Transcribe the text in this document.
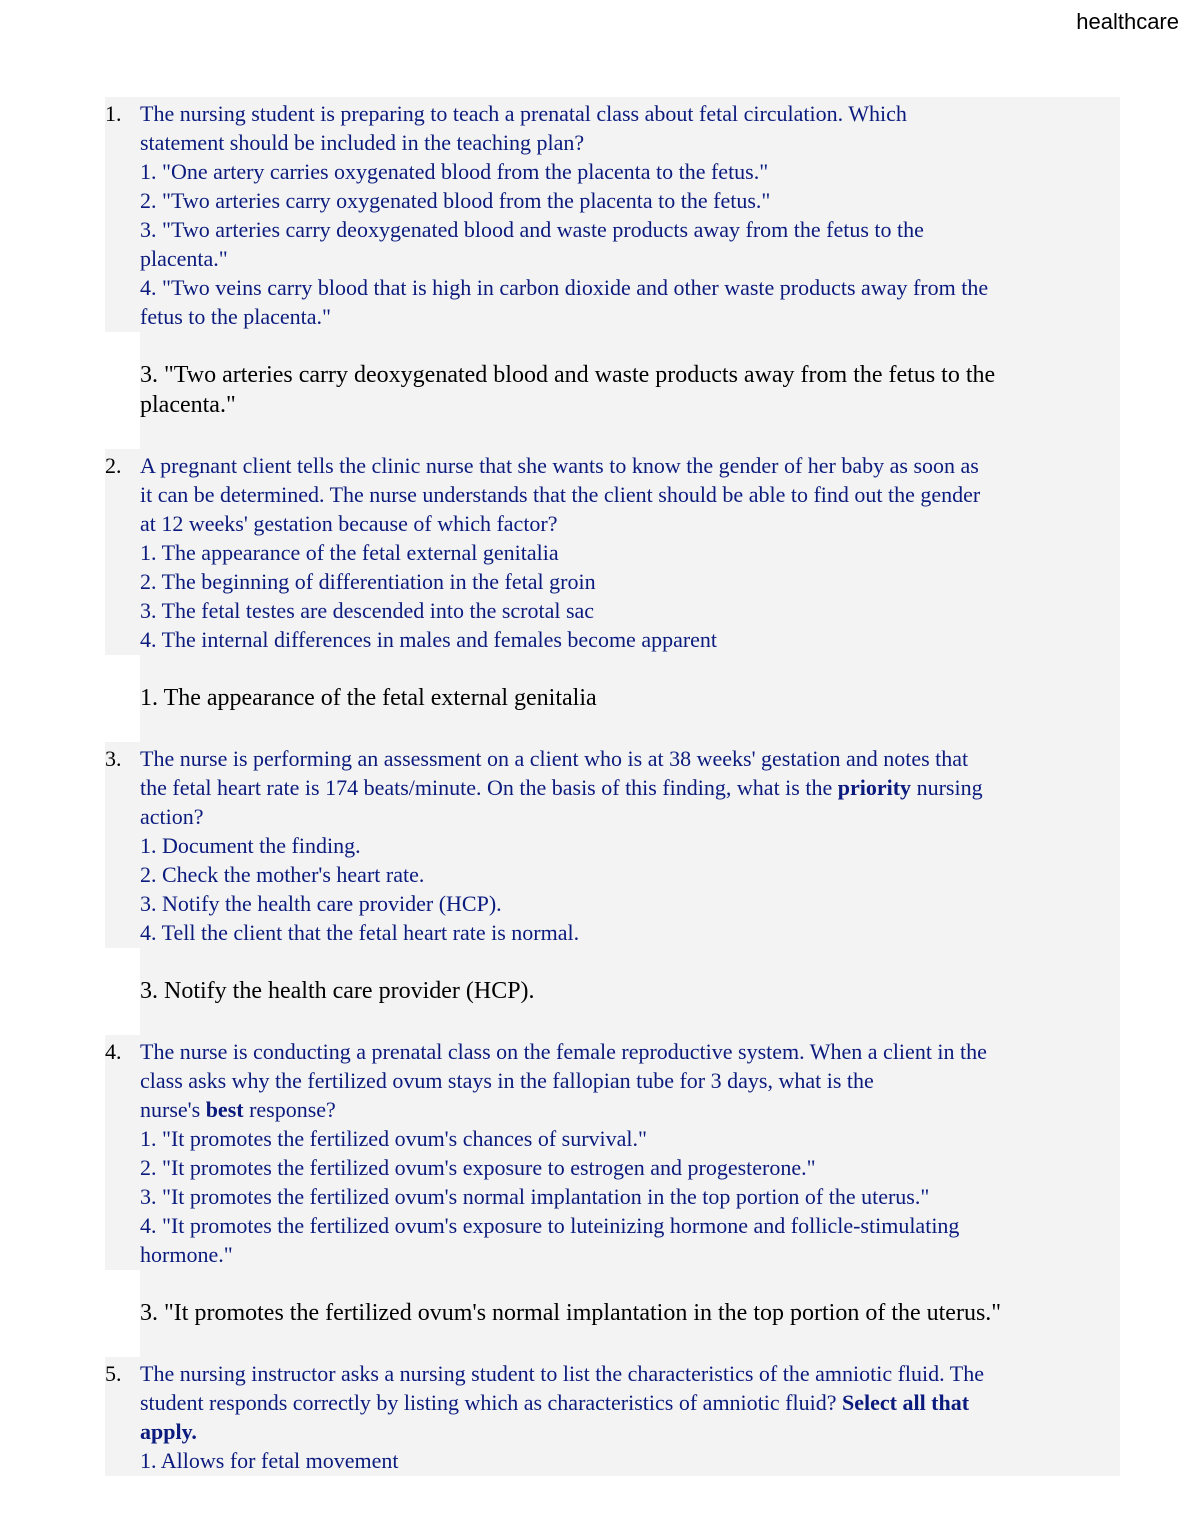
healthcare
1. The nursing student is preparing to teach a prenatal class about fetal circulation. Which
statement should be included in the teaching plan?
1. "One artery carries oxygenated blood from the placenta to the fetus."
2. "Two arteries carry oxygenated blood from the placenta to the fetus."
3. "Two arteries carry deoxygenated blood and waste products away from the fetus to the
placenta."
4. "Two veins carry blood that is high in carbon dioxide and other waste products away from the
fetus to the placenta."
3. "Two arteries carry deoxygenated blood and waste products away from the fetus to the
placenta."
2. A pregnant client tells the clinic nurse that she wants to know the gender of her baby as soon as
it can be determined. The nurse understands that the client should be able to find out the gender
at 12 weeks' gestation because of which factor?
1. The appearance of the fetal external genitalia
2. The beginning of differentiation in the fetal groin
3. The fetal testes are descended into the scrotal sac
4. The internal differences in males and females become apparent
1. The appearance of the fetal external genitalia
3. The nurse is performing an assessment on a client who is at 38 weeks' gestation and notes that
the fetal heart rate is 174 beats/minute. On the basis of this finding, what is the priority nursing
action?
1. Document the finding.
2. Check the mother's heart rate.
3. Notify the health care provider (HCP).
4. Tell the client that the fetal heart rate is normal.
3. Notify the health care provider (HCP).
4. The nurse is conducting a prenatal class on the female reproductive system. When a client in the
class asks why the fertilized ovum stays in the fallopian tube for 3 days, what is the
nurse's best response?
1. "It promotes the fertilized ovum's chances of survival."
2. "It promotes the fertilized ovum's exposure to estrogen and progesterone."
3. "It promotes the fertilized ovum's normal implantation in the top portion of the uterus."
4. "It promotes the fertilized ovum's exposure to luteinizing hormone and follicle-stimulating
hormone."
3. "It promotes the fertilized ovum's normal implantation in the top portion of the uterus."
5. The nursing instructor asks a nursing student to list the characteristics of the amniotic fluid. The
student responds correctly by listing which as characteristics of amniotic fluid? Select all that
apply.
1. Allows for fetal movement
